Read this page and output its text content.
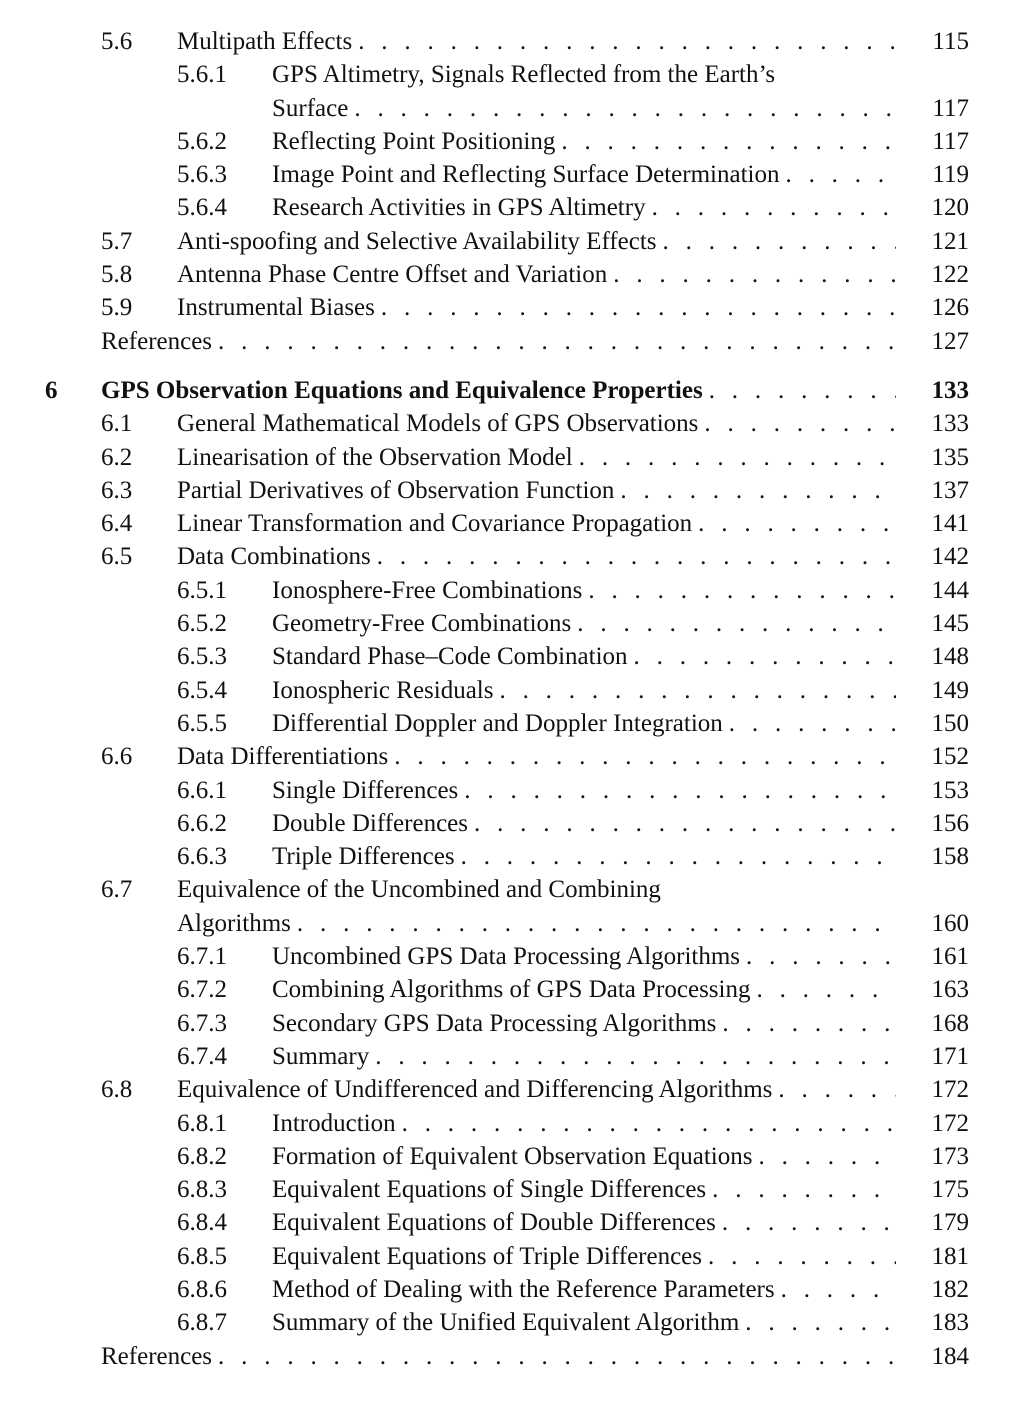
5.6 Multipath Effects . . .	115
5.6.1 GPS Altimetry, Signals Reflected from the Earth’s
Surface . . .	117
5.6.2 Reflecting Point Positioning . . .	117
5.6.3 Image Point and Reflecting Surface Determination . . .	119
5.6.4 Research Activities in GPS Altimetry . . .	120
5.7 Anti-spoofing and Selective Availability Effects . . .	121
5.8 Antenna Phase Centre Offset and Variation . . .	122
5.9 Instrumental Biases . . .	126
References . . .	127
6 GPS Observation Equations and Equivalence Properties . . .	133
6.1 General Mathematical Models of GPS Observations . . .	133
6.2 Linearisation of the Observation Model . . .	135
6.3 Partial Derivatives of Observation Function . . .	137
6.4 Linear Transformation and Covariance Propagation . . .	141
6.5 Data Combinations . . .	142
6.5.1 Ionosphere-Free Combinations . . .	144
6.5.2 Geometry-Free Combinations . . .	145
6.5.3 Standard Phase–Code Combination . . .	148
6.5.4 Ionospheric Residuals . . .	149
6.5.5 Differential Doppler and Doppler Integration . . .	150
6.6 Data Differentiations . . .	152
6.6.1 Single Differences . . .	153
6.6.2 Double Differences . . .	156
6.6.3 Triple Differences . . .	158
6.7 Equivalence of the Uncombined and Combining
Algorithms . . .	160
6.7.1 Uncombined GPS Data Processing Algorithms . . .	161
6.7.2 Combining Algorithms of GPS Data Processing . . .	163
6.7.3 Secondary GPS Data Processing Algorithms . . .	168
6.7.4 Summary . . .	171
6.8 Equivalence of Undifferenced and Differencing Algorithms . . .	172
6.8.1 Introduction . . .	172
6.8.2 Formation of Equivalent Observation Equations . . .	173
6.8.3 Equivalent Equations of Single Differences . . .	175
6.8.4 Equivalent Equations of Double Differences . . .	179
6.8.5 Equivalent Equations of Triple Differences . . .	181
6.8.6 Method of Dealing with the Reference Parameters . . .	182
6.8.7 Summary of the Unified Equivalent Algorithm . . .	183
References . . .	184
